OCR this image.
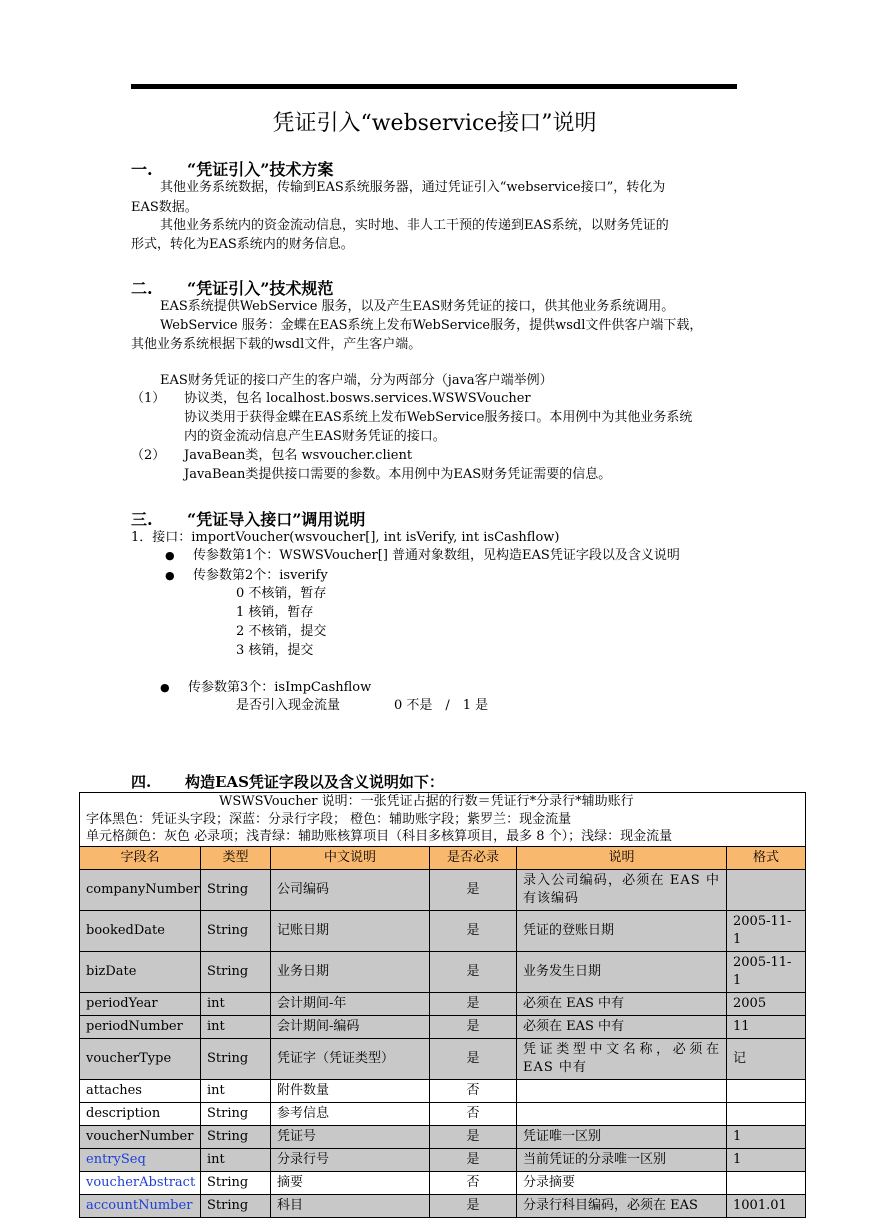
凭证引入“webservice接口”说明
一. “凭证引入”技术方案
其他业务系统数据，传输到EAS系统服务器，通过凭证引入“webservice接口”，转化为
EAS数据。
其他业务系统内的资金流动信息，实时地、非人工干预的传递到EAS系统，以财务凭证的
形式，转化为EAS系统内的财务信息。
二. “凭证引入”技术规范
EAS系统提供WebService 服务，以及产生EAS财务凭证的接口，供其他业务系统调用。
WebService 服务：金蝶在EAS系统上发布WebService服务，提供wsdl文件供客户端下载，
其他业务系统根据下载的wsdl文件，产生客户端。
EAS财务凭证的接口产生的客户端，分为两部分（java客户端举例）
（1） 协议类，包名 localhost.bosws.services.WSWSVoucher
协议类用于获得金蝶在EAS系统上发布WebService服务接口。本用例中为其他业务系统
内的资金流动信息产生EAS财务凭证的接口。
（2） JavaBean类，包名 wsvoucher.client
JavaBean类提供接口需要的参数。本用例中为EAS财务凭证需要的信息。
三. “凭证导入接口”调用说明
1．接口：importVoucher(wsvoucher[], int isVerify, int isCashflow)
● 传参数第1个：WSWSVoucher[] 普通对象数组，见构造EAS凭证字段以及含义说明
● 传参数第2个：isverify
0 不核销，暂存
1 核销，暂存
2 不核销，提交
3 核销，提交
● 传参数第3个：isImpCashflow
是否引入现金流量	0 不是　/　1 是
四. 构造EAS凭证字段以及含义说明如下：
WSWSVoucher 说明：一张凭证占据的行数＝凭证行*分录行*辅助账行
字体黑色：凭证头字段；深蓝：分录行字段； 橙色：辅助账字段；紫罗兰：现金流量
单元格颜色：灰色 必录项；浅青绿：辅助账核算项目（科目多核算项目，最多 8 个）；浅绿：现金流量					

字段名	类型	中文说明	是否必录	说明	格式
companyNumber	String	公司编码	是	录入公司编码，必须在 EAS 中有该编码	
bookedDate	String	记账日期	是	凭证的登账日期	2005-11-1
bizDate	String	业务日期	是	业务发生日期	2005-11-1
periodYear	int	会计期间-年	是	必须在 EAS 中有	2005
periodNumber	int	会计期间-编码	是	必须在 EAS 中有	11
voucherType	String	凭证字（凭证类型）	是	凭证类型中文名称，必须在 EAS 中有	记
attaches	int	附件数量	否		
description	String	参考信息	否		
voucherNumber	String	凭证号	是	凭证唯一区别	1
entrySeq	int	分录行号	是	当前凭证的分录唯一区别	1
voucherAbstract	String	摘要	否	分录摘要	
accountNumber	String	科目	是	分录行科目编码，必须在 EAS	1001.01
